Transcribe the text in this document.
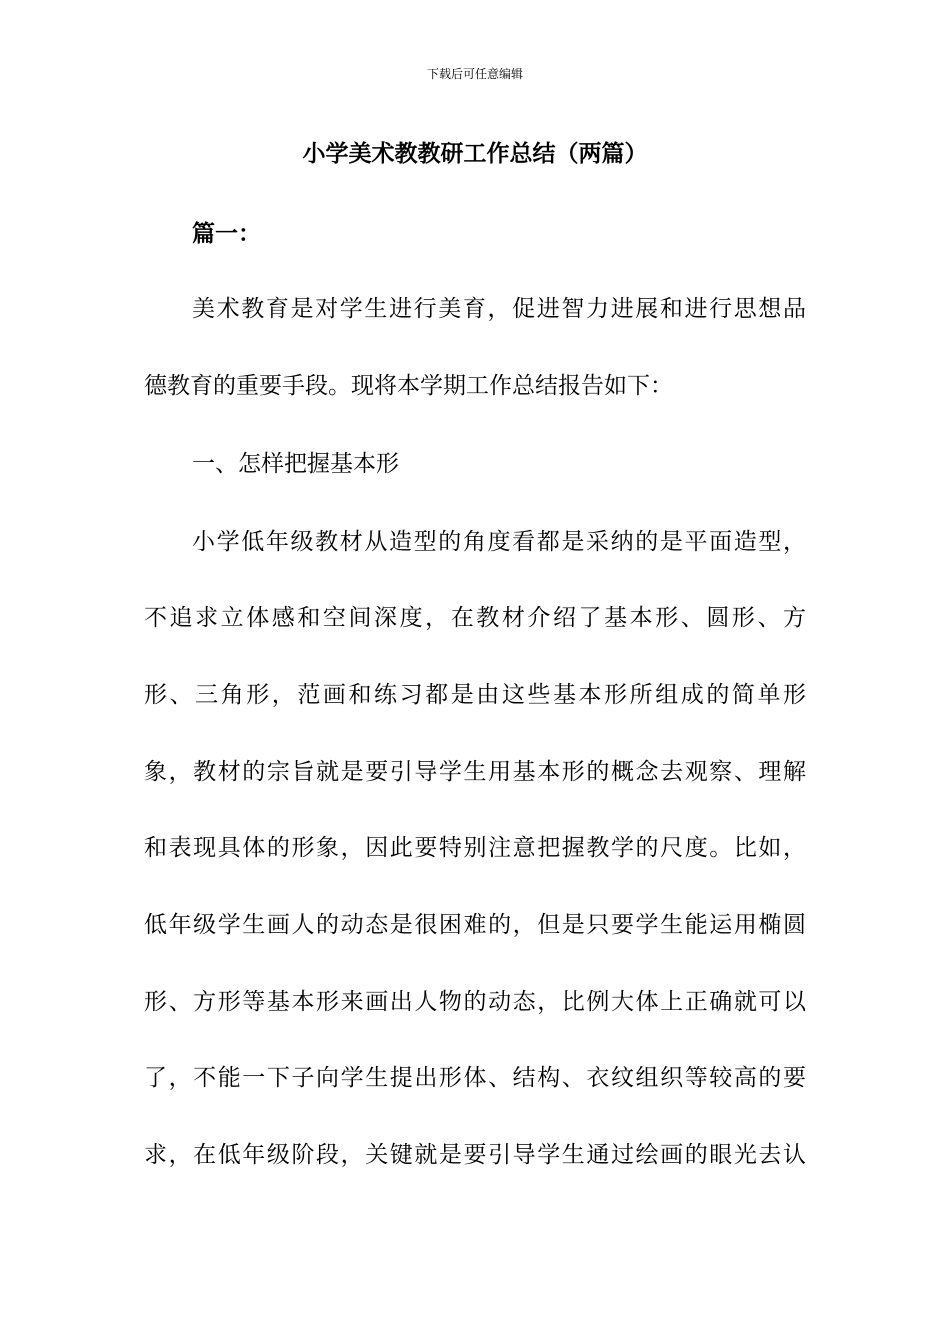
下载后可任意编辑
小学美术教教研工作总结（两篇）
篇一：

美术教育是对学生进行美育，促进智力进展和进行思想品

德教育的重要手段。现将本学期工作总结报告如下：

一、怎样把握基本形

小学低年级教材从造型的角度看都是采纳的是平面造型，

不追求立体感和空间深度，在教材介绍了基本形、圆形、方

形、三角形，范画和练习都是由这些基本形所组成的简单形

象，教材的宗旨就是要引导学生用基本形的概念去观察、理解

和表现具体的形象，因此要特别注意把握教学的尺度。比如，

低年级学生画人的动态是很困难的，但是只要学生能运用椭圆

形、方形等基本形来画出人物的动态，比例大体上正确就可以

了，不能一下子向学生提出形体、结构、衣纹组织等较高的要

求，在低年级阶段，关键就是要引导学生通过绘画的眼光去认
